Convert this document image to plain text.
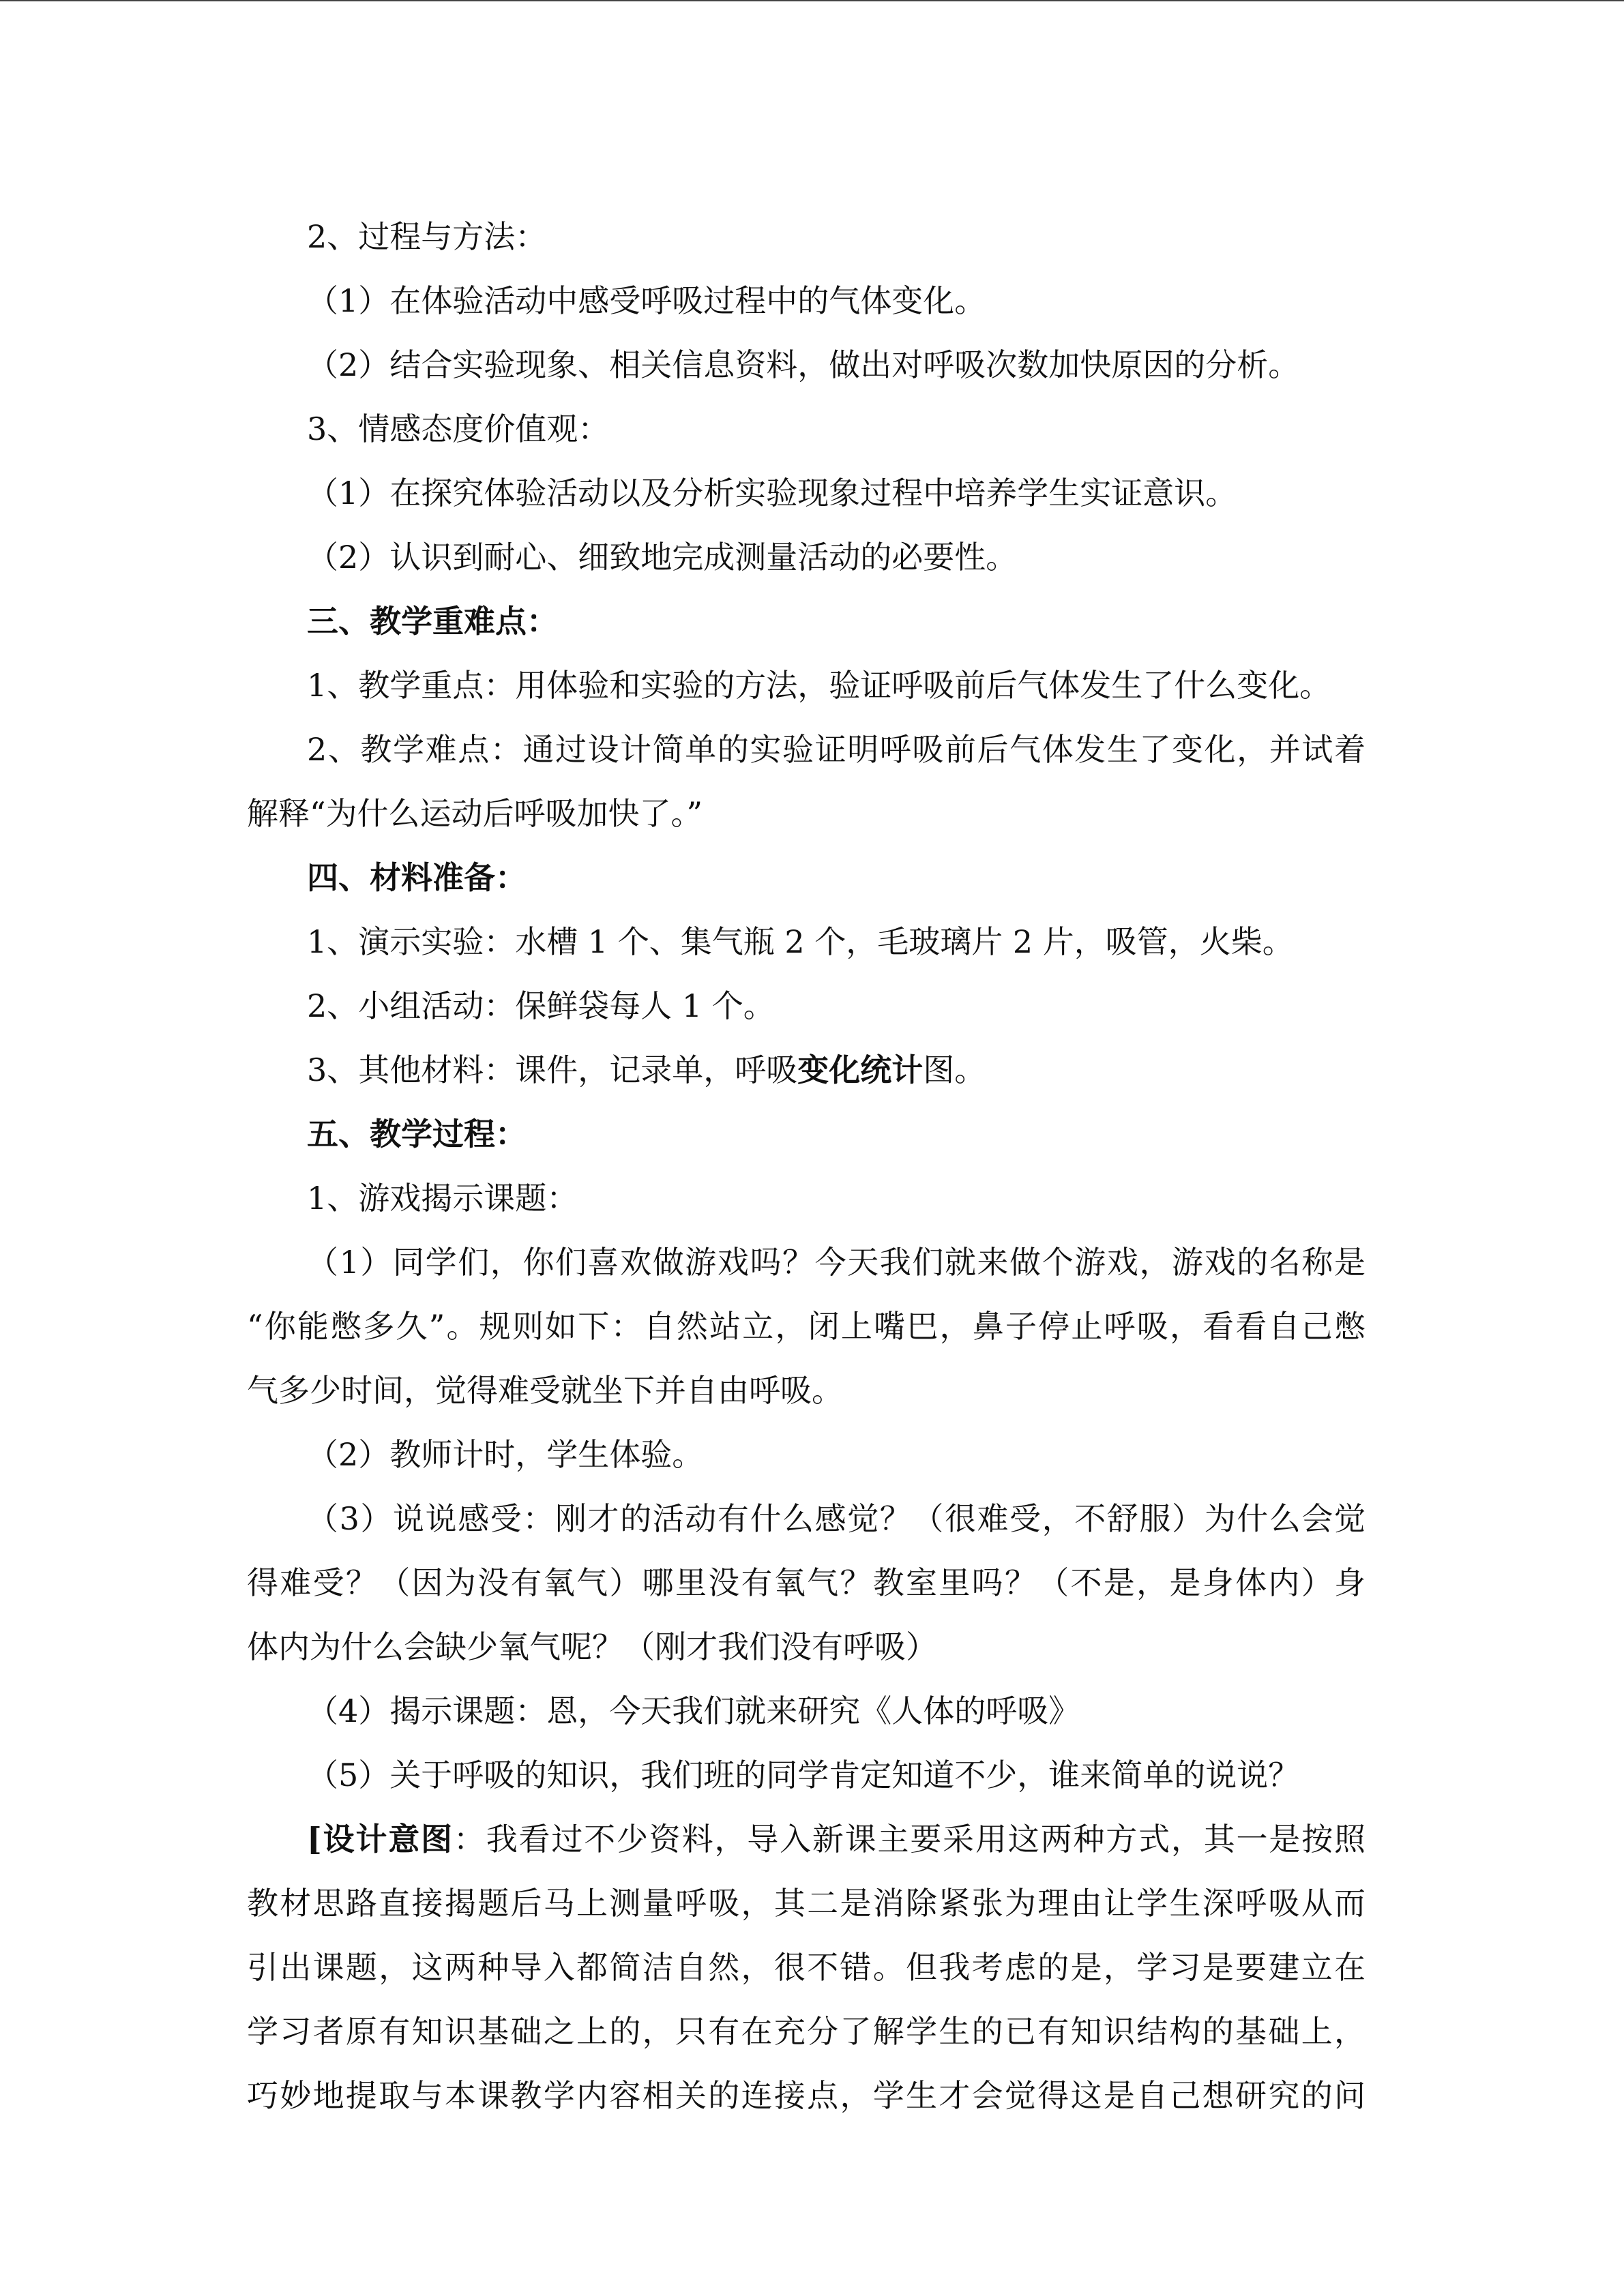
2、过程与方法：
（1）在体验活动中感受呼吸过程中的气体变化。
（2）结合实验现象、相关信息资料，做出对呼吸次数加快原因的分析。
3、情感态度价值观：
（1）在探究体验活动以及分析实验现象过程中培养学生实证意识。
（2）认识到耐心、细致地完成测量活动的必要性。
三、教学重难点：
1、教学重点：用体验和实验的方法，验证呼吸前后气体发生了什么变化。
2、教学难点：通过设计简单的实验证明呼吸前后气体发生了变化，并试着
解释“为什么运动后呼吸加快了。”
四、材料准备：
1、演示实验：水槽 1 个、集气瓶 2 个，毛玻璃片 2 片，吸管，火柴。
2、小组活动：保鲜袋每人 1 个。
3、其他材料：课件，记录单，呼吸变化统计图。
五、教学过程：
1、游戏揭示课题：
（1）同学们，你们喜欢做游戏吗？今天我们就来做个游戏，游戏的名称是
“你能憋多久”。规则如下：自然站立，闭上嘴巴，鼻子停止呼吸，看看自己憋
气多少时间，觉得难受就坐下并自由呼吸。
（2）教师计时，学生体验。
（3）说说感受：刚才的活动有什么感觉？（很难受，不舒服）为什么会觉
得难受？（因为没有氧气）哪里没有氧气？教室里吗？（不是，是身体内）身
体内为什么会缺少氧气呢？（刚才我们没有呼吸）
（4）揭示课题：恩，今天我们就来研究《人体的呼吸》
（5）关于呼吸的知识，我们班的同学肯定知道不少，谁来简单的说说？
[设计意图：我看过不少资料，导入新课主要采用这两种方式，其一是按照
教材思路直接揭题后马上测量呼吸，其二是消除紧张为理由让学生深呼吸从而
引出课题，这两种导入都简洁自然，很不错。但我考虑的是，学习是要建立在
学习者原有知识基础之上的，只有在充分了解学生的已有知识结构的基础上，
巧妙地提取与本课教学内容相关的连接点，学生才会觉得这是自己想研究的问
